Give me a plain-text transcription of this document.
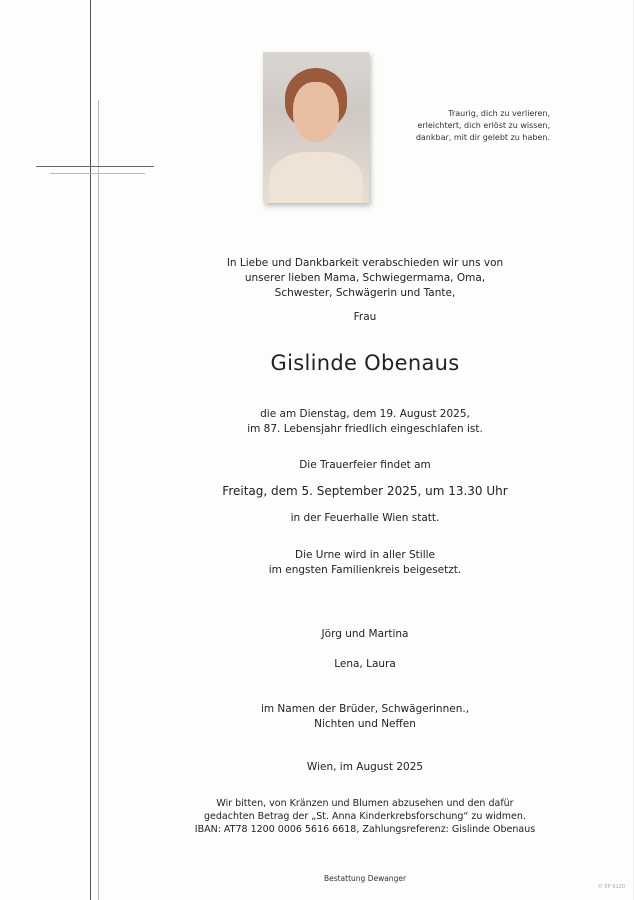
Traurig, dich zu verlieren,
erleichtert, dich erlöst zu wissen,
dankbar, mit dir gelebt zu haben.
In Liebe und Dankbarkeit verabschieden wir uns von
unserer lieben Mama, Schwiegermama, Oma,
Schwester, Schwägerin und Tante,
Frau
Gislinde Obenaus
die am Dienstag, dem 19. August 2025,
im 87. Lebensjahr friedlich eingeschlafen ist.
Die Trauerfeier findet am
Freitag, dem 5. September 2025, um 13.30 Uhr
in der Feuerhalle Wien statt.
Die Urne wird in aller Stille
im engsten Familienkreis beigesetzt.
Jörg und Martina
Lena, Laura
im Namen der Brüder, Schwägerinnen.,
Nichten und Neffen
Wien, im August 2025
Wir bitten, von Kränzen und Blumen abzusehen und den dafür
gedachten Betrag der „St. Anna Kinderkrebsforschung“ zu widmen.
IBAN: AT78 1200 0006 5616 6618, Zahlungsreferenz: Gislinde Obenaus
Bestattung Dewanger
© EP 9120
